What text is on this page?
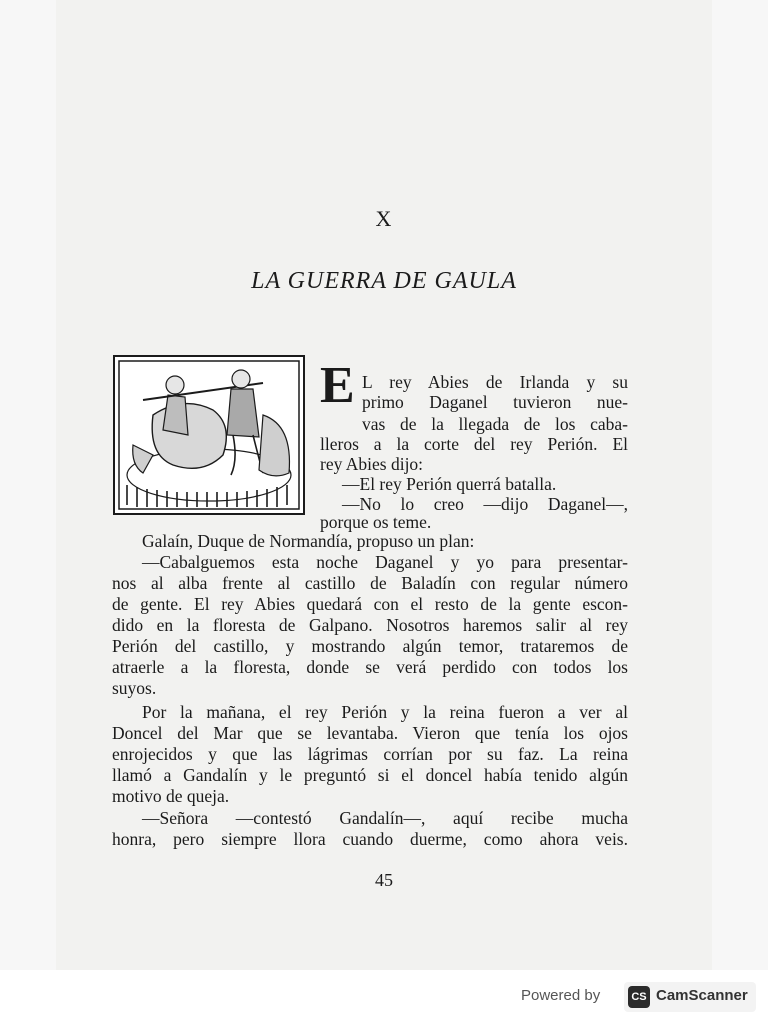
X
LA GUERRA DE GAULA
E L rey Abies de Irlanda y su
primo Daganel tuvieron nue-
vas de la llegada de los caba-
lleros a la corte del rey Perión. El
rey Abies dijo:
—El rey Perión querrá batalla.
—No lo creo —dijo Daganel—,
porque os teme.
Galaín, Duque de Normandía, propuso un plan:
—Cabalguemos esta noche Daganel y yo para presentar-
nos al alba frente al castillo de Baladín con regular número
de gente. El rey Abies quedará con el resto de la gente escon-
dido en la floresta de Galpano. Nosotros haremos salir al rey
Perión del castillo, y mostrando algún temor, trataremos de
atraerle a la floresta, donde se verá perdido con todos los
suyos.
Por la mañana, el rey Perión y la reina fueron a ver al
Doncel del Mar que se levantaba. Vieron que tenía los ojos
enrojecidos y que las lágrimas corrían por su faz. La reina
llamó a Gandalín y le preguntó si el doncel había tenido algún
motivo de queja.
—Señora —contestó Gandalín—, aquí recibe mucha
honra, pero siempre llora cuando duerme, como ahora veis.
45
Powered by	CS CamScanner
